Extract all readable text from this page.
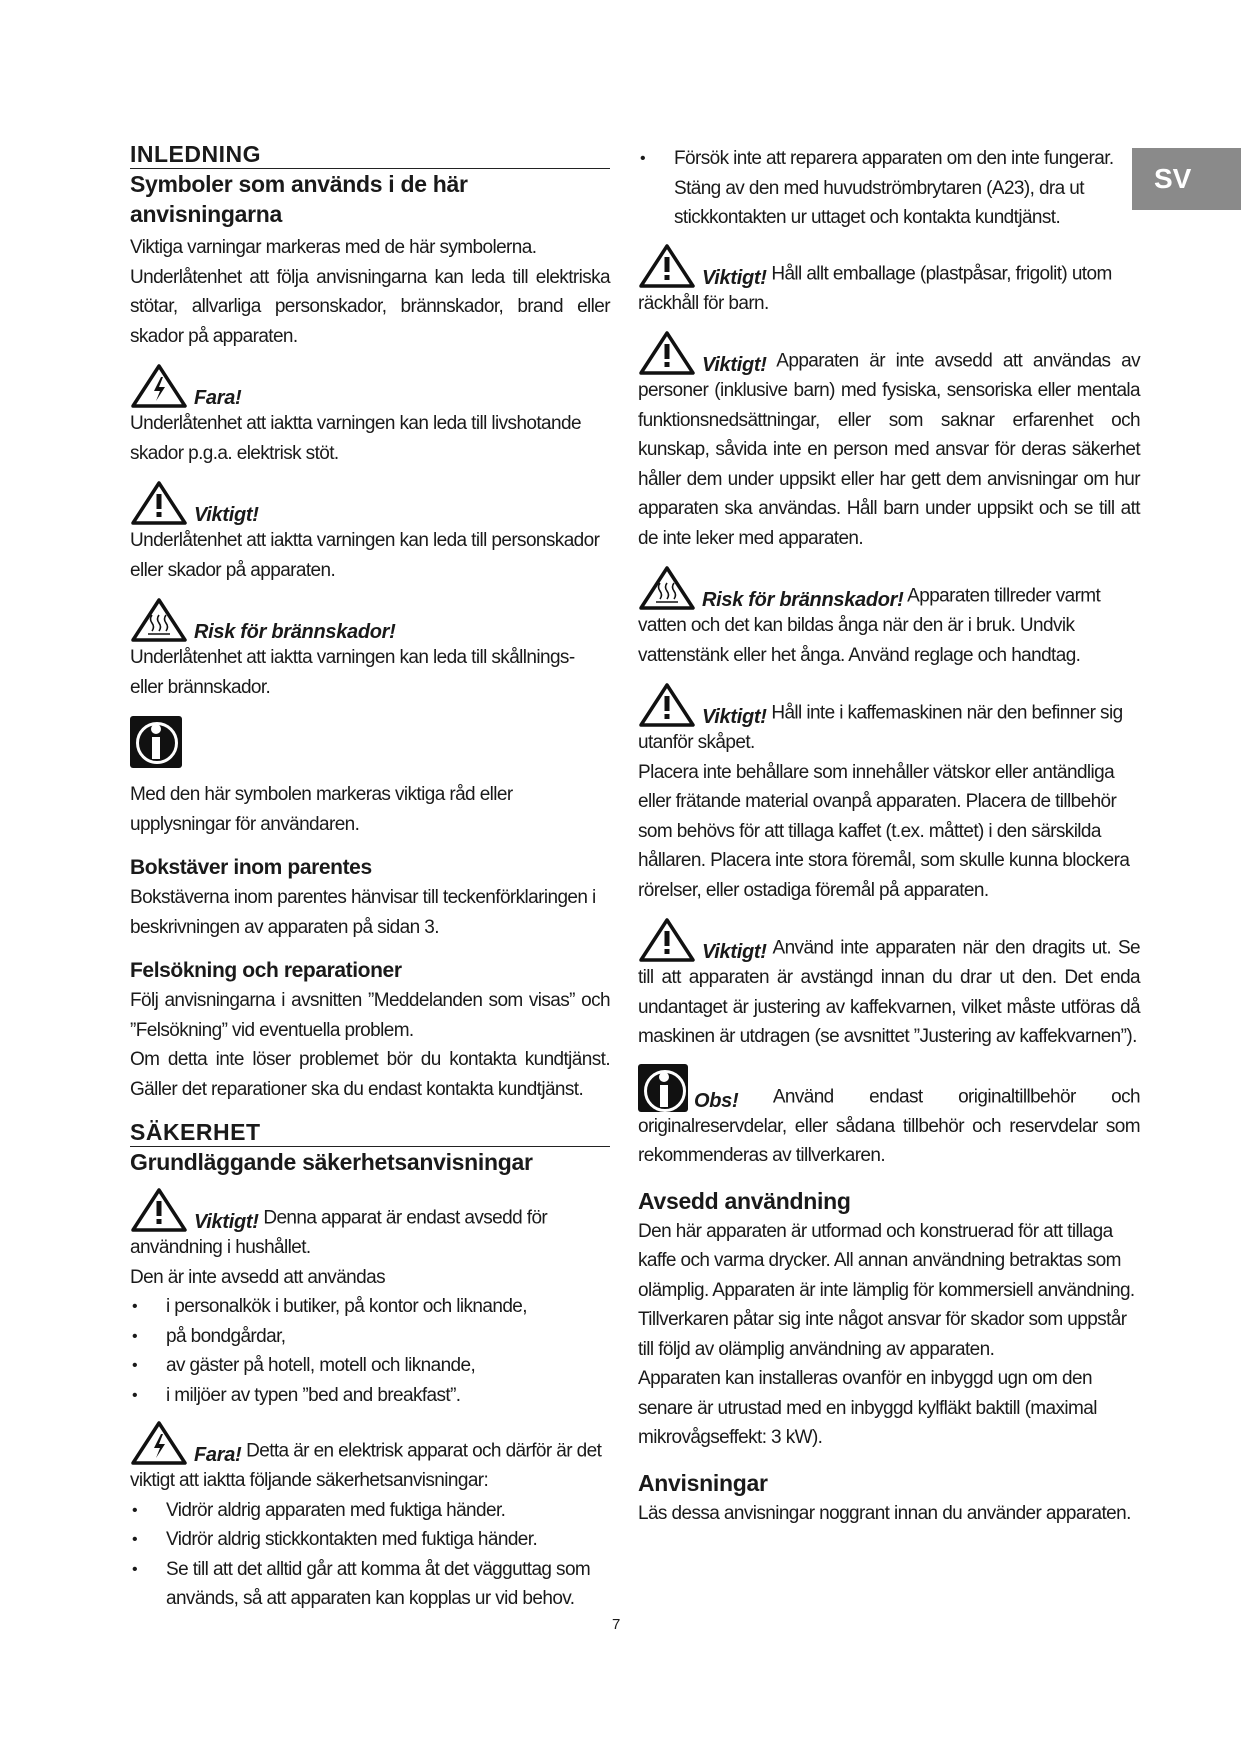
SV

INLEDNING

Symboler som används i de här anvisningarna

Viktiga varningar markeras med de här symbolerna.

Underlåtenhet att följa anvisningarna kan leda till elektriska stötar, allvarliga personskador, brännskador, brand eller skador på apparaten.

Fara!

Underlåtenhet att iaktta varningen kan leda till livshotande skador p.g.a. elektrisk stöt.

Viktigt!

Underlåtenhet att iaktta varningen kan leda till personskador eller skador på apparaten.

Risk för brännskador!

Underlåtenhet att iaktta varningen kan leda till skållnings- eller brännskador.

Med den här symbolen markeras viktiga råd eller upplysningar för användaren.

Bokstäver inom parentes

Bokstäverna inom parentes hänvisar till teckenförklaringen i beskrivningen av apparaten på sidan 3.

Felsökning och reparationer

Följ anvisningarna i avsnitten ”Meddelanden som visas” och ”Felsökning” vid eventuella problem.

Om detta inte löser problemet bör du kontakta kundtjänst. Gäller det reparationer ska du endast kontakta kundtjänst.

SÄKERHET

Grundläggande säkerhetsanvisningar

Viktigt! Denna apparat är endast avsedd för användning i hushållet.

Den är inte avsedd att användas

• i personalkök i butiker, på kontor och liknande,
• på bondgårdar,
• av gäster på hotell, motell och liknande,
• i miljöer av typen ”bed and breakfast”.

Fara! Detta är en elektrisk apparat och därför är det viktigt att iaktta följande säkerhetsanvisningar:

• Vidrör aldrig apparaten med fuktiga händer.
• Vidrör aldrig stickkontakten med fuktiga händer.
• Se till att det alltid går att komma åt det vägguttag som används, så att apparaten kan kopplas ur vid behov.
• Försök inte att reparera apparaten om den inte fungerar. Stäng av den med huvudströmbrytaren (A23), dra ut stickkontakten ur uttaget och kontakta kundtjänst.

Viktigt! Håll allt emballage (plastpåsar, frigolit) utom räckhåll för barn.

Viktigt! Apparaten är inte avsedd att användas av personer (inklusive barn) med fysiska, sensoriska eller mentala funktionsnedsättningar, eller som saknar erfarenhet och kunskap, såvida inte en person med ansvar för deras säkerhet håller dem under uppsikt eller har gett dem anvisningar om hur apparaten ska användas. Håll barn under uppsikt och se till att de inte leker med apparaten.

Risk för brännskador! Apparaten tillreder varmt vatten och det kan bildas ånga när den är i bruk. Undvik vattenstänk eller het ånga. Använd reglage och handtag.

Viktigt! Håll inte i kaffemaskinen när den befinner sig utanför skåpet.

Placera inte behållare som innehåller vätskor eller antändliga eller frätande material ovanpå apparaten. Placera de tillbehör som behövs för att tillaga kaffet (t.ex. måttet) i den särskilda hållaren. Placera inte stora föremål, som skulle kunna blockera rörelser, eller ostadiga föremål på apparaten.

Viktigt! Använd inte apparaten när den dragits ut. Se till att apparaten är avstängd innan du drar ut den. Det enda undantaget är justering av kaffekvarnen, vilket måste utföras då maskinen är utdragen (se avsnittet ”Justering av kaffekvarnen”).

Obs! Använd endast originaltillbehör och originalreservdelar, eller sådana tillbehör och reservdelar som rekommenderas av tillverkaren.

Avsedd användning

Den här apparaten är utformad och konstruerad för att tillaga kaffe och varma drycker. All annan användning betraktas som olämplig. Apparaten är inte lämplig för kommersiell användning.

Tillverkaren påtar sig inte något ansvar för skador som uppstår till följd av olämplig användning av apparaten.

Apparaten kan installeras ovanför en inbyggd ugn om den senare är utrustad med en inbyggd kylfläkt baktill (maximal mikrovågseffekt: 3 kW).

Anvisningar

Läs dessa anvisningar noggrant innan du använder apparaten.

7
